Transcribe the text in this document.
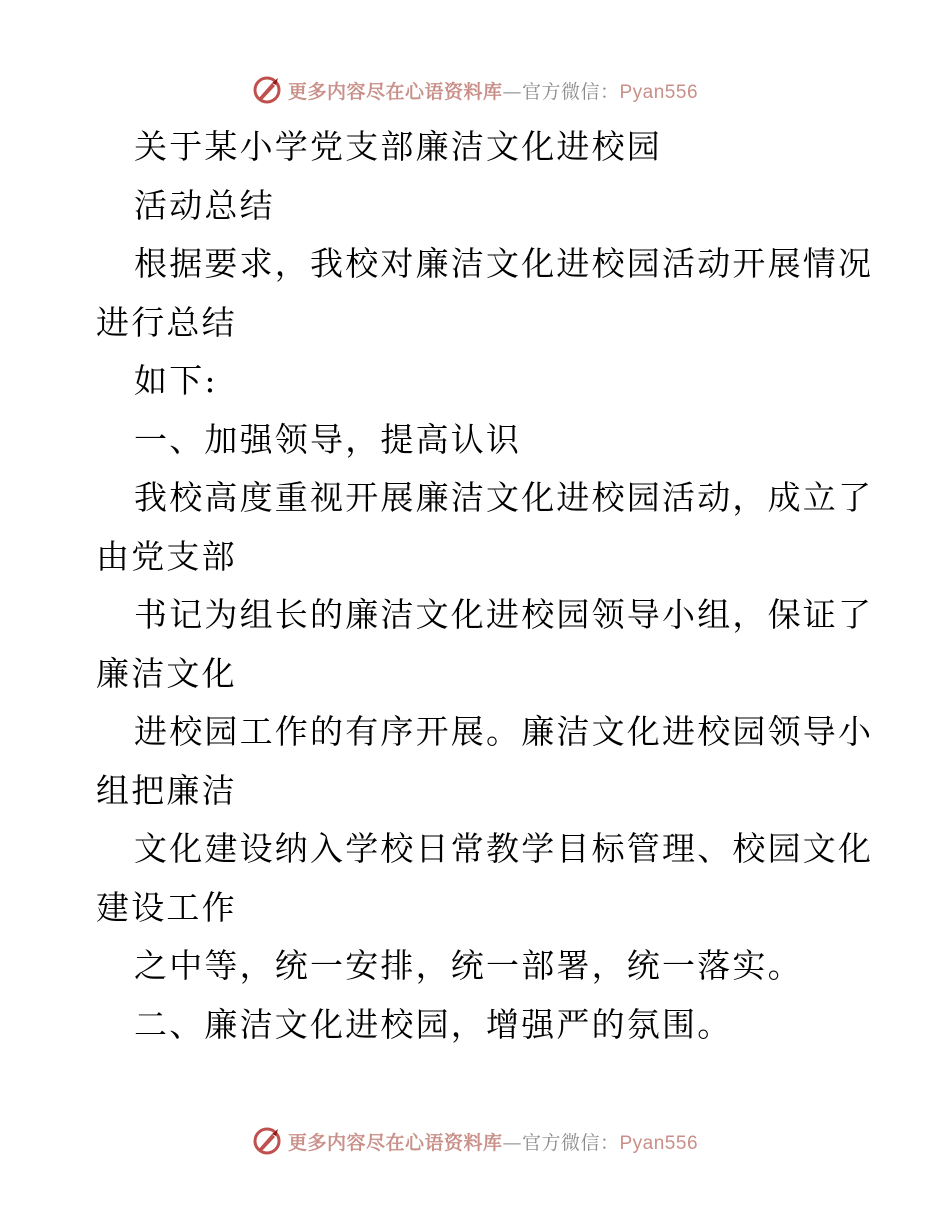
更多内容尽在心语资料库—官方微信：Pyan556
关于某小学党支部廉洁文化进校园
活动总结
根据要求，我校对廉洁文化进校园活动开展情况
进行总结
如下:
一、加强领导，提高认识
我校高度重视开展廉洁文化进校园活动，成立了
由党支部
书记为组长的廉洁文化进校园领导小组，保证了
廉洁文化
进校园工作的有序开展。廉洁文化进校园领导小
组把廉洁
文化建设纳入学校日常教学目标管理、校园文化
建设工作
之中等，统一安排，统一部署，统一落实。
二、廉洁文化进校园，增强严的氛围。
更多内容尽在心语资料库—官方微信：Pyan556
